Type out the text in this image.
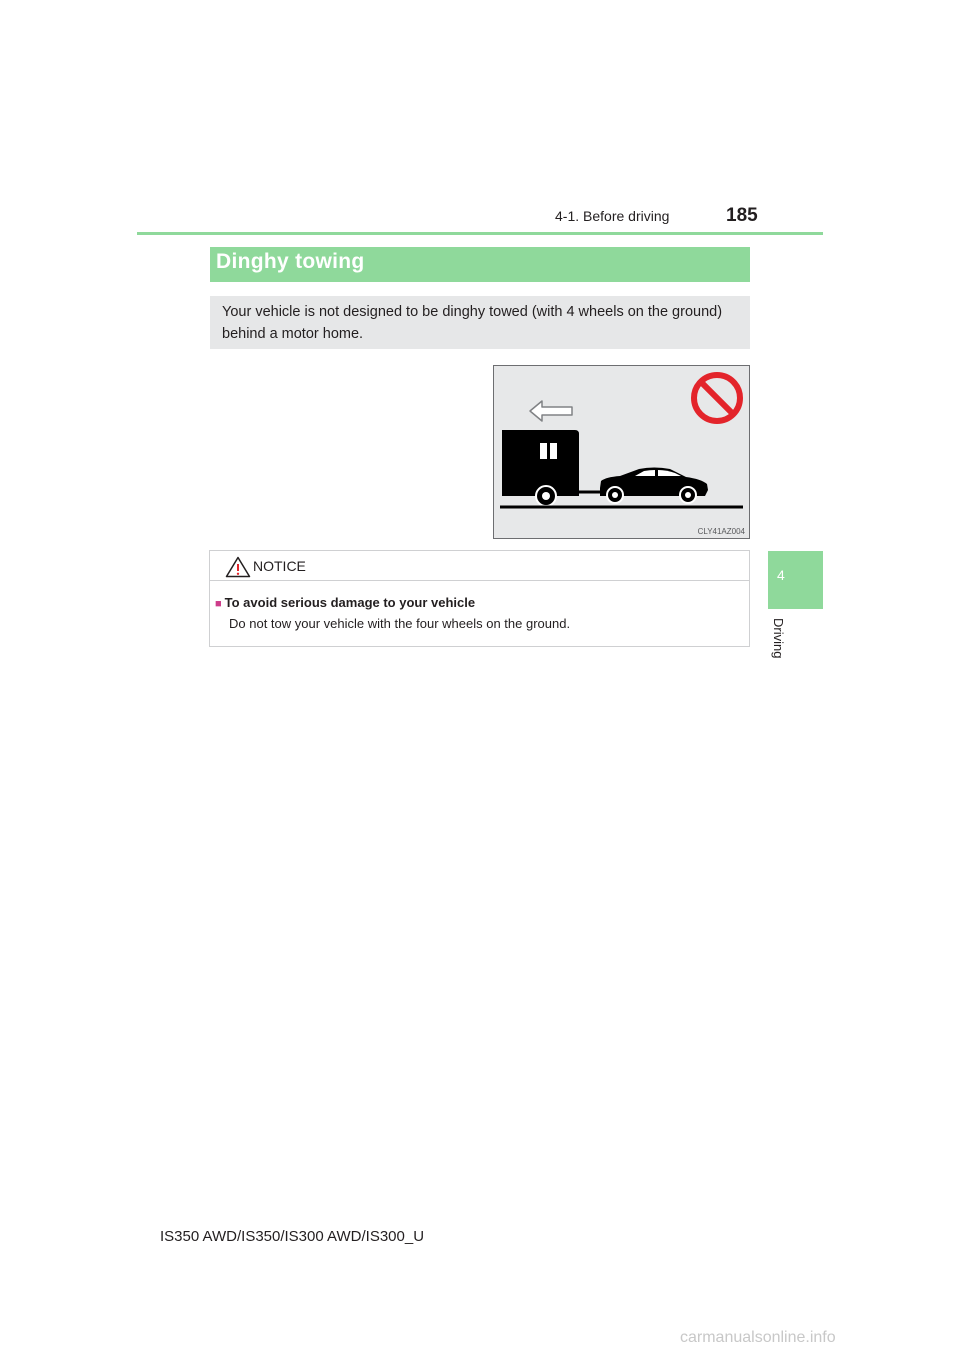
4-1. Before driving	185
Dinghy towing
Your vehicle is not designed to be dinghy towed (with 4 wheels on the ground) behind a motor home.
CLY41AZ004
NOTICE
■ To avoid serious damage to your vehicle
Do not tow your vehicle with the four wheels on the ground.
4
Driving
IS350 AWD/IS350/IS300 AWD/IS300_U
carmanualsonline.info
